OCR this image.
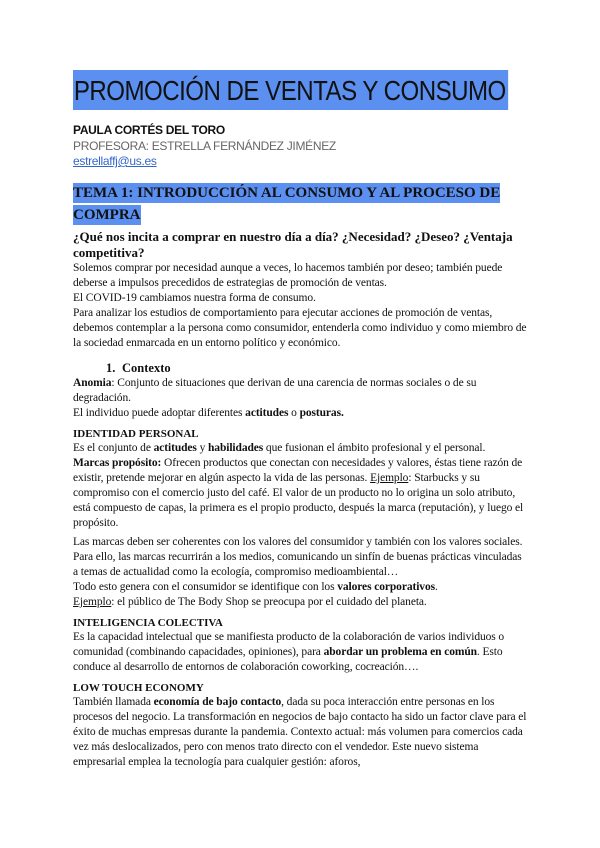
PROMOCIÓN DE VENTAS Y CONSUMO
PAULA CORTÉS DEL TORO
PROFESORA: ESTRELLA FERNÁNDEZ JIMÉNEZ
estrellaffj@us.es
TEMA 1: INTRODUCCIÓN AL CONSUMO Y AL PROCESO DE COMPRA
¿Qué nos incita a comprar en nuestro día a día? ¿Necesidad? ¿Deseo? ¿Ventaja competitiva?

Solemos comprar por necesidad aunque a veces, lo hacemos también por deseo; también puede deberse a impulsos precedidos de estrategias de promoción de ventas.

El COVID-19 cambiamos nuestra forma de consumo.

Para analizar los estudios de comportamiento para ejecutar acciones de promoción de ventas, debemos contemplar a la persona como consumidor, entenderla como individuo y como miembro de la sociedad enmarcada en un entorno político y económico.

1. Contexto

Anomia: Conjunto de situaciones que derivan de una carencia de normas sociales o de su degradación.

El individuo puede adoptar diferentes actitudes o posturas.

IDENTIDAD PERSONAL

Es el conjunto de actitudes y habilidades que fusionan el ámbito profesional y el personal.

Marcas propósito: Ofrecen productos que conectan con necesidades y valores, éstas tiene razón de existir, pretende mejorar en algún aspecto la vida de las personas. Ejemplo: Starbucks y su compromiso con el comercio justo del café. El valor de un producto no lo origina un solo atributo, está compuesto de capas, la primera es el propio producto, después la marca (reputación), y luego el propósito.

Las marcas deben ser coherentes con los valores del consumidor y también con los valores sociales. Para ello, las marcas recurrirán a los medios, comunicando un sinfín de buenas prácticas vinculadas a temas de actualidad como la ecología, compromiso medioambiental…

Todo esto genera con el consumidor se identifique con los valores corporativos.

Ejemplo: el público de The Body Shop se preocupa por el cuidado del planeta.

INTELIGENCIA COLECTIVA

Es la capacidad intelectual que se manifiesta producto de la colaboración de varios individuos o comunidad (combinando capacidades, opiniones), para abordar un problema en común. Esto conduce al desarrollo de entornos de colaboración coworking, cocreación….

LOW TOUCH ECONOMY

También llamada economía de bajo contacto, dada su poca interacción entre personas en los procesos del negocio. La transformación en negocios de bajo contacto ha sido un factor clave para el éxito de muchas empresas durante la pandemia. Contexto actual: más volumen para comercios cada vez más deslocalizados, pero con menos trato directo con el vendedor. Este nuevo sistema empresarial emplea la tecnología para cualquier gestión: aforos,
